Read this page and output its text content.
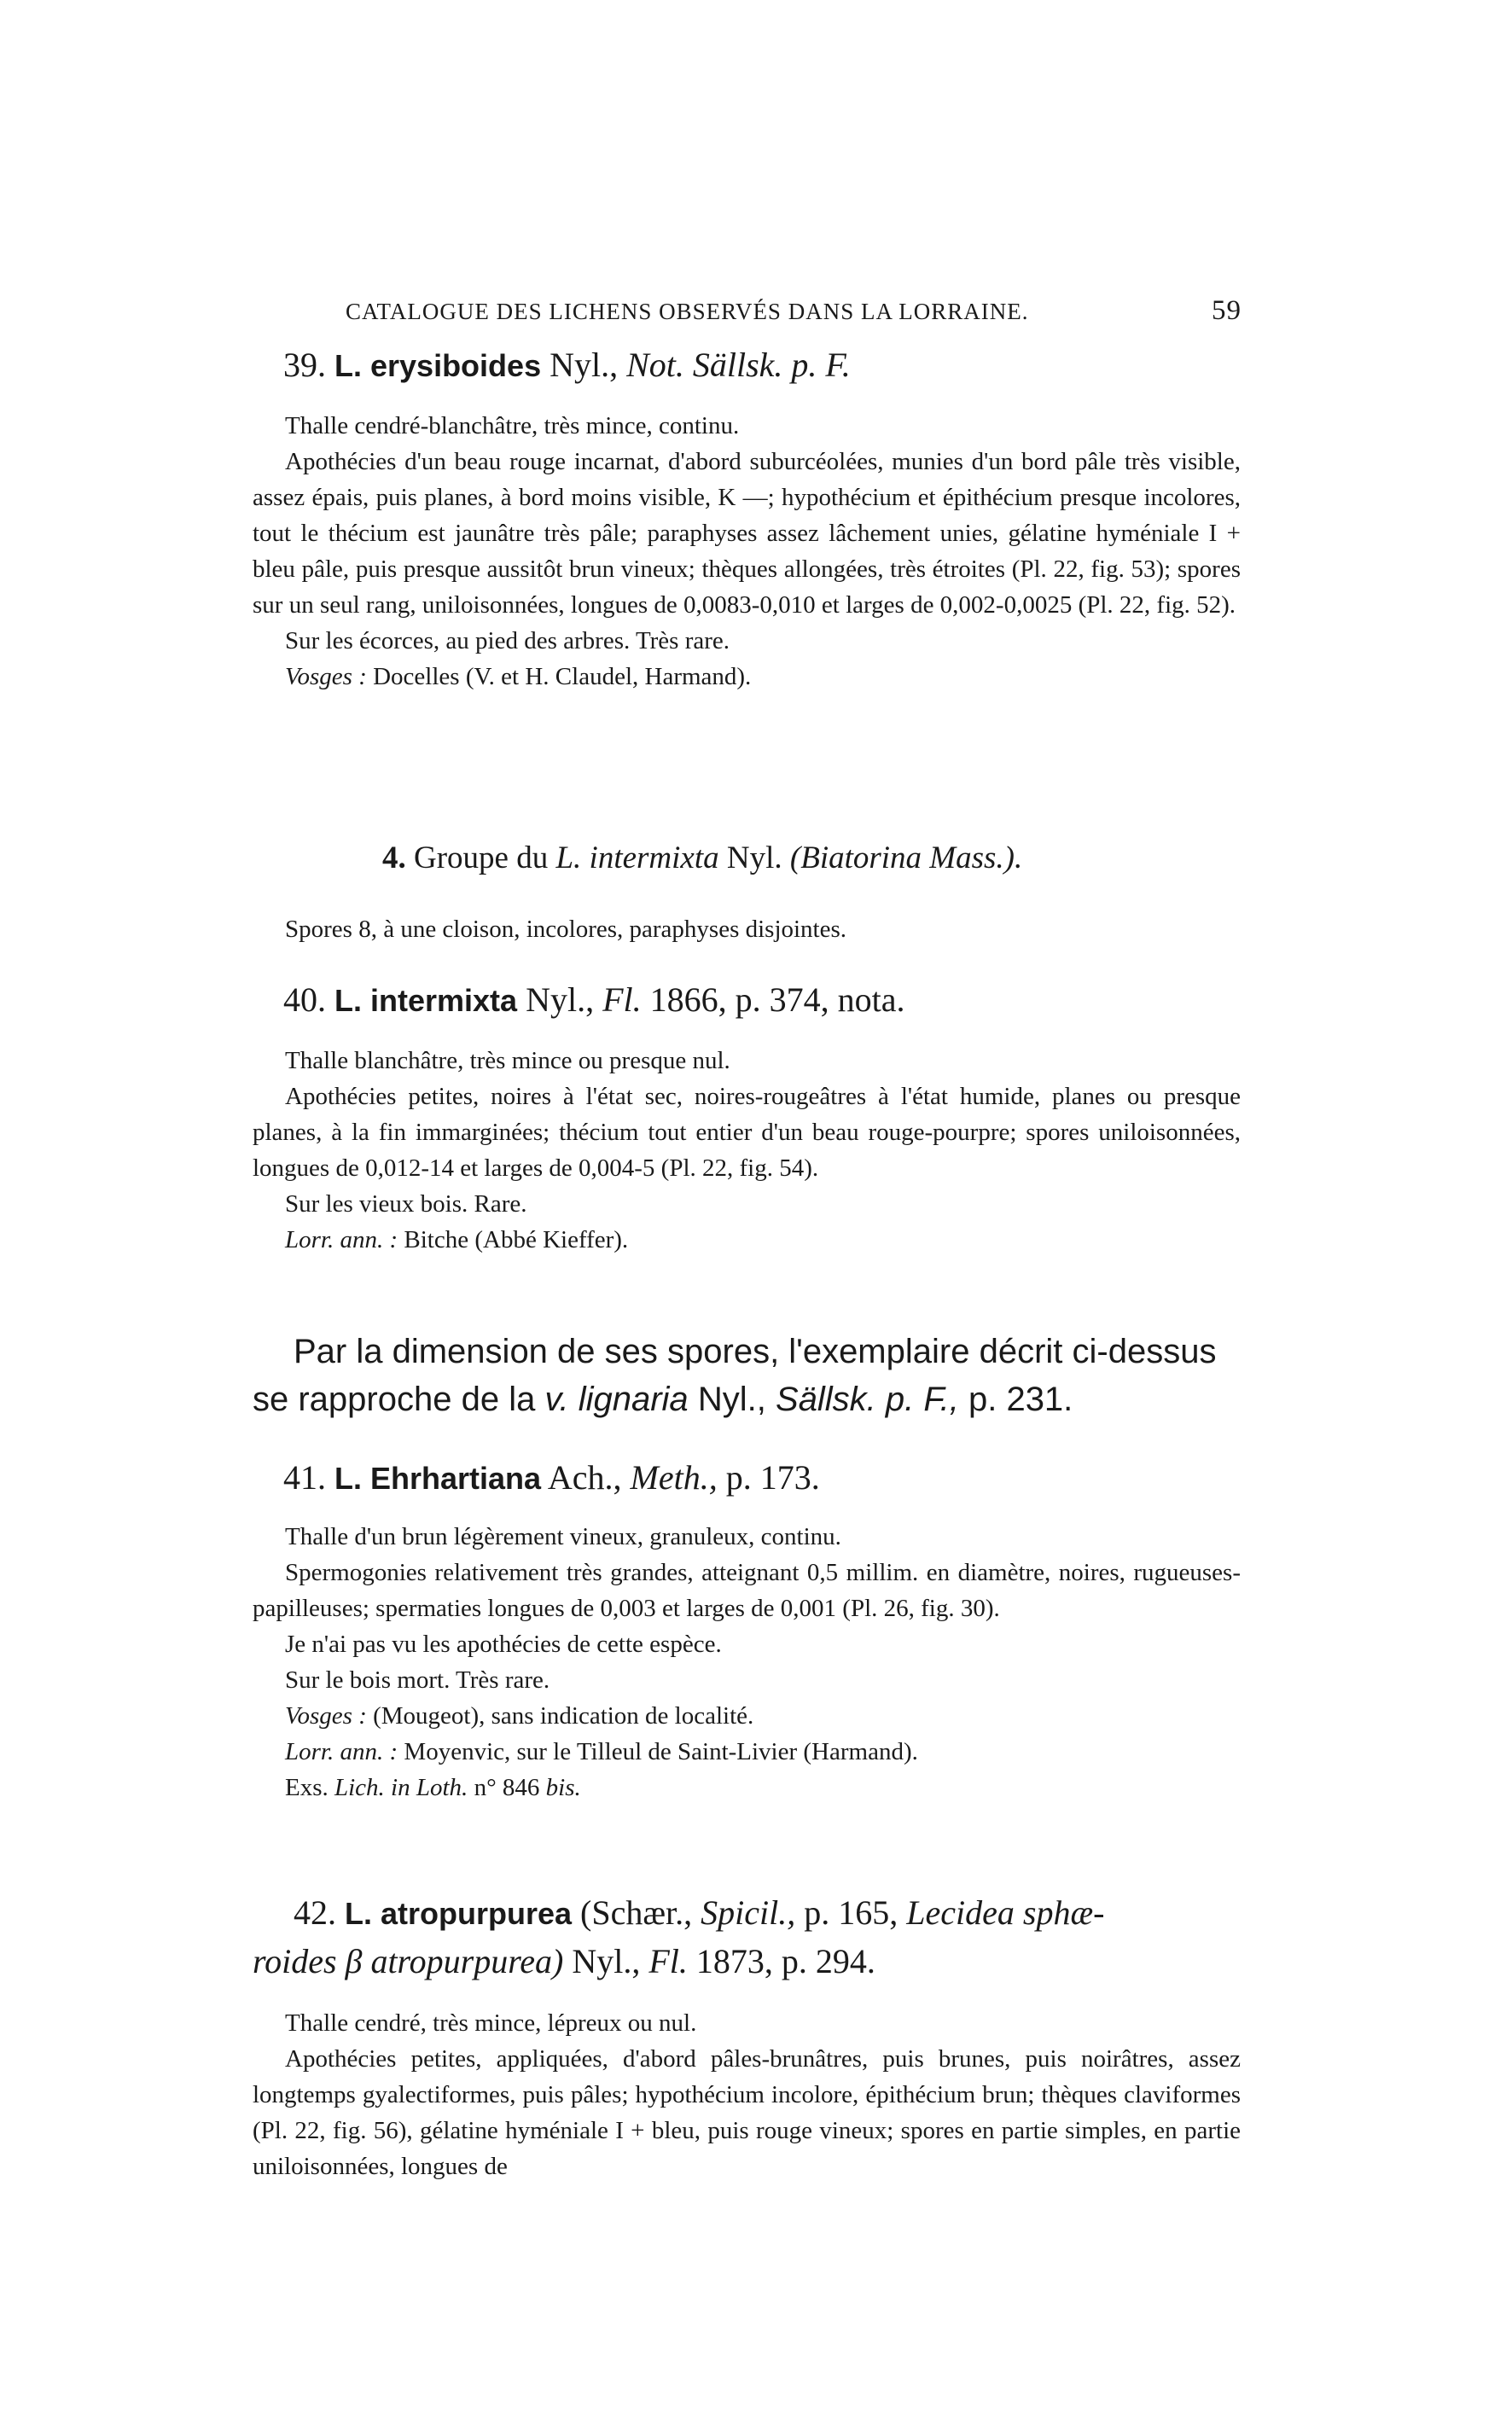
CATALOGUE DES LICHENS OBSERVÉS DANS LA LORRAINE.	59
39. L. erysiboides Nyl., Not. Sällsk. p. F.

Thalle cendré-blanchâtre, très mince, continu.

Apothécies d'un beau rouge incarnat, d'abord suburcéolées, munies d'un bord pâle très visible, assez épais, puis planes, à bord moins visible, K —; hypothécium et épithécium presque incolores, tout le thécium est jaunâtre très pâle; paraphyses assez lâchement unies, gélatine hyméniale I + bleu pâle, puis presque aussitôt brun vineux; thèques allongées, très étroites (Pl. 22, fig. 53); spores sur un seul rang, uniloisonnées, longues de 0,0083-0,010 et larges de 0,002-0,0025 (Pl. 22, fig. 52).

Sur les écorces, au pied des arbres. Très rare.

Vosges : Docelles (V. et H. Claudel, Harmand).

4. Groupe du L. intermixta Nyl. (Biatorina Mass.).

Spores 8, à une cloison, incolores, paraphyses disjointes.

40. L. intermixta Nyl., Fl. 1866, p. 374, nota.

Thalle blanchâtre, très mince ou presque nul.

Apothécies petites, noires à l'état sec, noires-rougeâtres à l'état humide, planes ou presque planes, à la fin immarginées; thécium tout entier d'un beau rouge-pourpre; spores uniloisonnées, longues de 0,012-14 et larges de 0,004-5 (Pl. 22, fig. 54).

Sur les vieux bois. Rare.

Lorr. ann. : Bitche (Abbé Kieffer).

Par la dimension de ses spores, l'exemplaire décrit ci-dessus

se rapproche de la v. lignaria Nyl., Sällsk. p. F., p. 231.

41. L. Ehrhartiana Ach., Meth., p. 173.

Thalle d'un brun légèrement vineux, granuleux, continu.

Spermogonies relativement très grandes, atteignant 0,5 millim. en diamètre, noires, rugueuses-papilleuses; spermaties longues de 0,003 et larges de 0,001 (Pl. 26, fig. 30).

Je n'ai pas vu les apothécies de cette espèce.

Sur le bois mort. Très rare.

Vosges : (Mougeot), sans indication de localité.

Lorr. ann. : Moyenvic, sur le Tilleul de Saint-Livier (Harmand).

Exs. Lich. in Loth. n° 846 bis.

42. L. atropurpurea (Schær., Spicil., p. 165, Lecidea sphæ-

roides β atropurpurea) Nyl., Fl. 1873, p. 294.

Thalle cendré, très mince, lépreux ou nul.

Apothécies petites, appliquées, d'abord pâles-brunâtres, puis brunes, puis noirâtres, assez longtemps gyalectiformes, puis pâles; hypothécium incolore, épithécium brun; thèques claviformes (Pl. 22, fig. 56), gélatine hyméniale I + bleu, puis rouge vineux; spores en partie simples, en partie uniloisonnées, longues de
